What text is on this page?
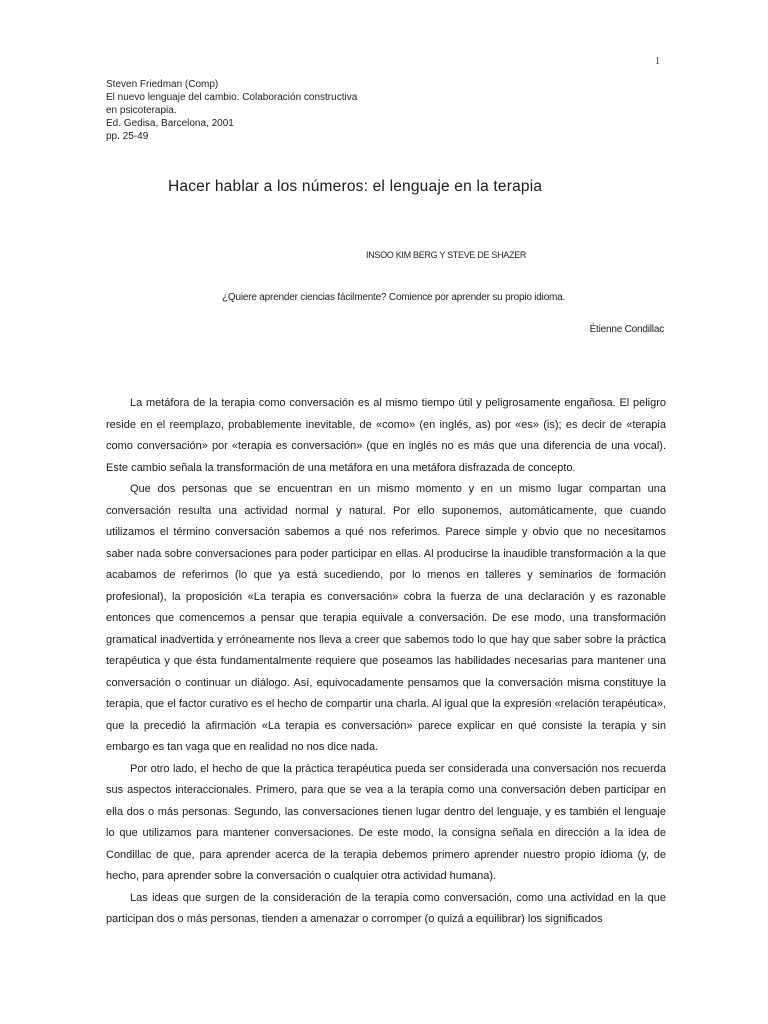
1
Steven Friedman (Comp)
El nuevo lenguaje del cambio. Colaboración constructiva
en psicoterapia.
Ed. Gedisa, Barcelona, 2001
pp. 25-49
Hacer hablar a los números: el lenguaje en la terapia
INSOO KIM BERG Y STEVE DE SHAZER
¿Quiere aprender ciencias fácilmente? Comience por aprender su propio idioma.
Étienne Condillac

La metáfora de la terapia como conversación es al mismo tiempo útil y peligrosamente engañosa. El peligro reside en el reemplazo, probablemente inevitable, de «como» (en inglés, as) por «es» (is); es decir de «terapia como conversación» por «terapia es conversación» (que en inglés no es más que una diferencia de una vocal). Este cambio señala la transformación de una metáfora en una metáfora disfrazada de concepto.

Que dos personas que se encuentran en un mismo momento y en un mismo lugar compartan una conversación resulta una actividad normal y natural. Por ello suponemos, automáticamente, que cuando utilizamos el término conversación sabemos a qué nos referimos. Parece simple y obvio que no necesitamos saber nada sobre conversaciones para poder participar en ellas. Al producirse la inaudible transformación a la que acabamos de referirnos (lo que ya está sucediendo, por lo menos en talleres y seminarios de formación profesional), la proposición «La terapia es conversación» cobra la fuerza de una declaración y es razonable entonces que comencemos a pensar que terapia equivale a conversación. De ese modo, una transformación gramatical inadvertida y erróneamente nos lleva a creer que sabemos todo lo que hay que saber sobre la práctica terapéutica y que ésta fundamentalmente requiere que poseamos las habilidades necesarias para mantener una conversación o continuar un diálogo. Así, equivocadamente pensamos que la conversación misma constituye la terapia, que el factor curativo es el hecho de compartir una charla. Al igual que la expresión «relación terapéutica», que la precedió la afirmación «La terapia es conversación» parece explicar en qué consiste la terapia y sin embargo es tan vaga que en realidad no nos dice nada.

Por otro lado, el hecho de que la práctica terapéutica pueda ser considerada una conversación nos recuerda sus aspectos interaccionales. Primero, para que se vea a la terapia como una conversación deben participar en ella dos o más personas. Segundo, las conversaciones tienen lugar dentro del lenguaje, y es también el lenguaje lo que utilizamos para mantener conversaciones. De este modo, la consigna señala en dirección a la idea de Condillac de que, para aprender acerca de la terapia debemos primero aprender nuestro propio idioma (y, de hecho, para aprender sobre la conversación o cualquier otra actividad humana).

Las ideas que surgen de la consideración de la terapia como conversación, como una actividad en la que participan dos o más personas, tienden a amenazar o corromper (o quizá a equilibrar) los significados
